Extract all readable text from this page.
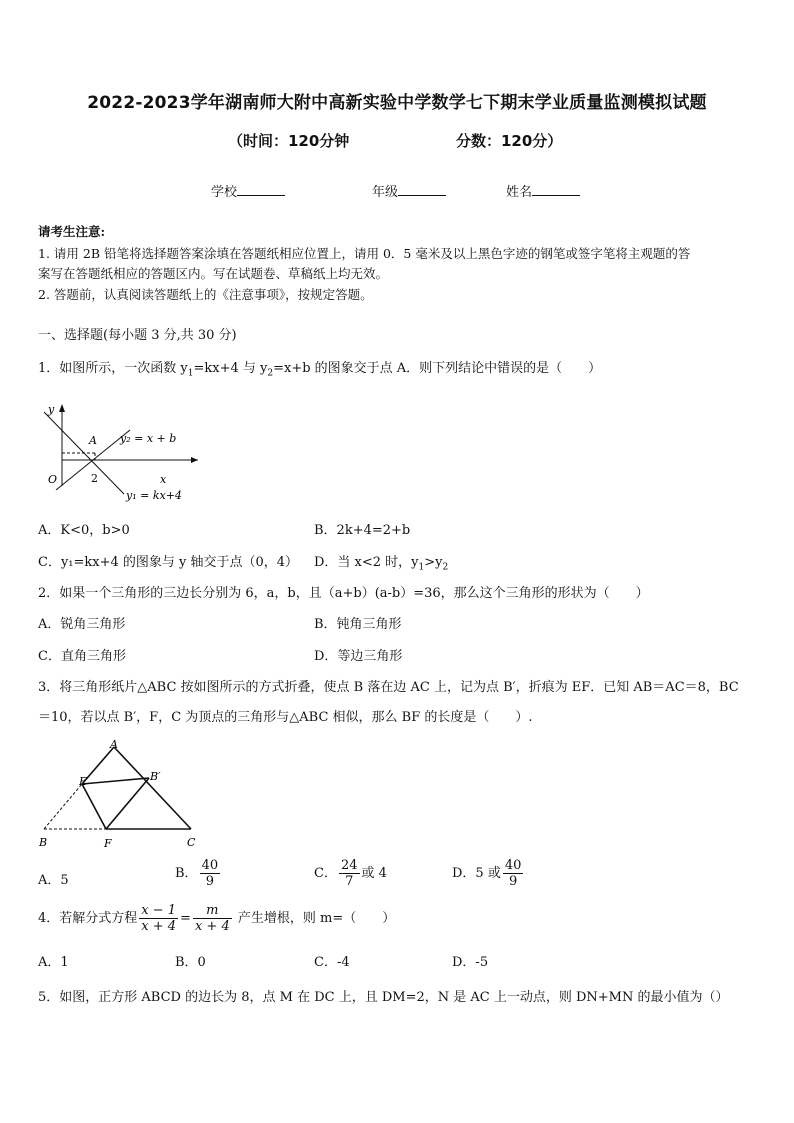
2022-2023学年湖南师大附中高新实验中学数学七下期末学业质量监测模拟试题
（时间：120分钟	分数：120分）
学校	年级	姓名
请考生注意:
1. 请用 2B 铅笔将选择题答案涂填在答题纸相应位置上，请用 0．5 毫米及以上黑色字迹的钢笔或签字笔将主观题的答
案写在答题纸相应的答题区内。写在试题卷、草稿纸上均无效。
2. 答题前，认真阅读答题纸上的《注意事项》，按规定答题。
一、选择题(每小题 3 分,共 30 分)
1．如图所示，一次函数 $y_1=kx+4$ 与 $y_2=x+b$ 的图象交于点 A．则下列结论中错误的是（　　）
y
x
O
A
2
y₂ = x + b
y₁ = kx+4
A．K<0，b>0	B．2k+4=2+b
C．y₁=kx+4 的图象与 y 轴交于点（0，4） D．当 x<2 时，$y_1>y_2$
2．如果一个三角形的三边长分别为 6，a，b，且（a+b）(a-b）=36，那么这个三角形的形状为（　　）
A．锐角三角形	B．钝角三角形
C．直角三角形	D．等边三角形
3．将三角形纸片△ABC 按如图所示的方式折叠，使点 B 落在边 AC 上，记为点 B′，折痕为 EF．已知 AB＝AC＝8，BC
＝10，若以点 B′，F，C 为顶点的三角形与△ABC 相似，那么 BF 的长度是（　　）.
A
B	C
E
F
B′
A．5	B． $\frac{40}{9}$	C． $\frac{24}{7}$ 或 4	D．5 或 $\frac{40}{9}$
4．若解分式方程 $\frac{x - 1}{x + 4} = \frac{m}{x + 4}$ 产生增根，则 m=（　　）
A．1	B．0	C．-4	D．-5
5．如图，正方形 ABCD 的边长为 8，点 M 在 DC 上，且 DM=2，N 是 AC 上一动点，则 DN+MN 的最小值为（）
